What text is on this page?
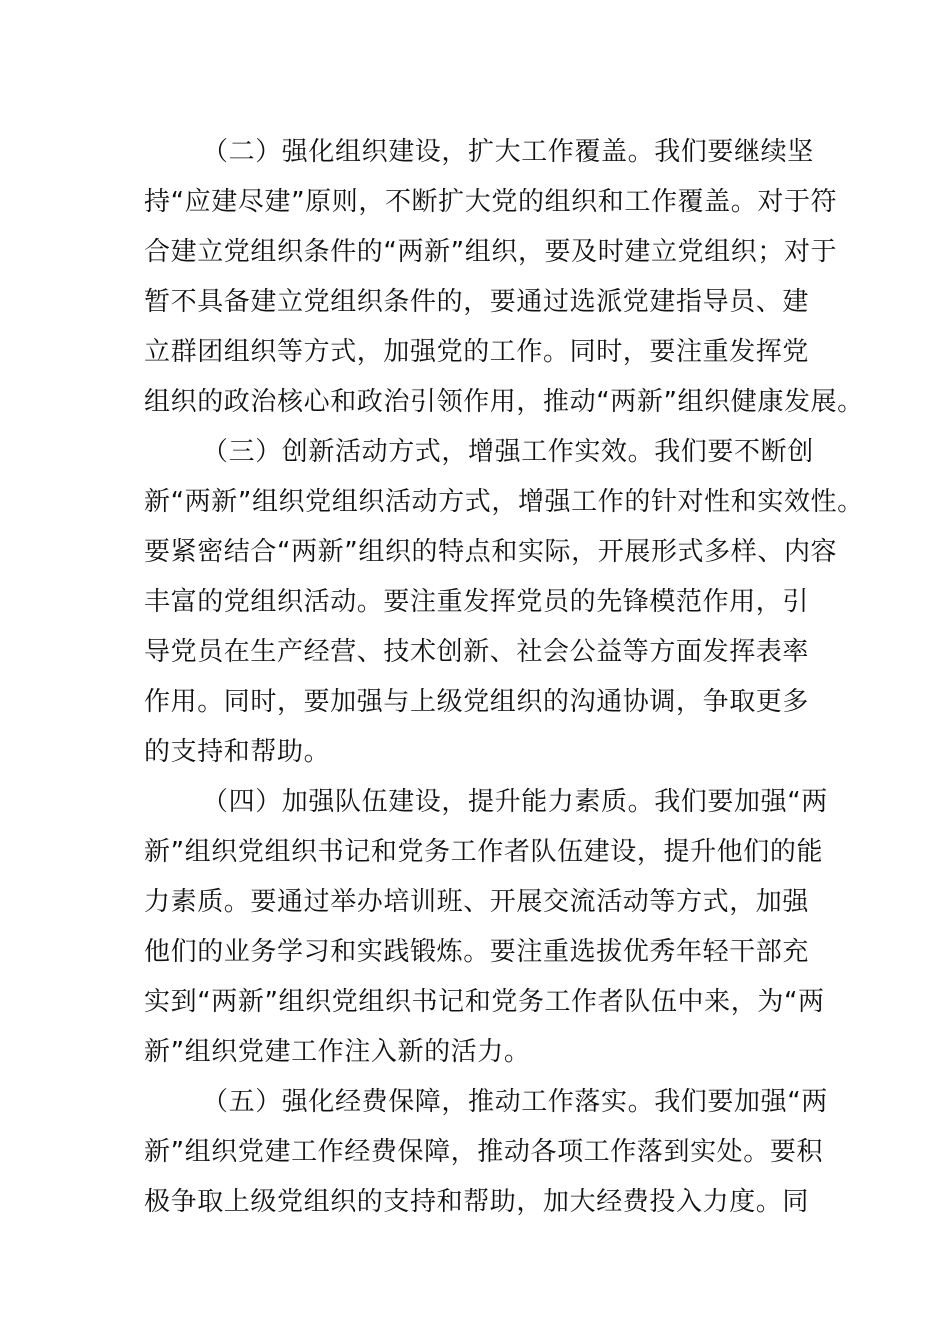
（二）强化组织建设，扩大工作覆盖。我们要继续坚
持“应建尽建”原则，不断扩大党的组织和工作覆盖。对于符
合建立党组织条件的“两新”组织，要及时建立党组织；对于
暂不具备建立党组织条件的，要通过选派党建指导员、建
立群团组织等方式，加强党的工作。同时，要注重发挥党
组织的政治核心和政治引领作用，推动“两新”组织健康发展。
（三）创新活动方式，增强工作实效。我们要不断创
新“两新”组织党组织活动方式，增强工作的针对性和实效性。
要紧密结合“两新”组织的特点和实际，开展形式多样、内容
丰富的党组织活动。要注重发挥党员的先锋模范作用，引
导党员在生产经营、技术创新、社会公益等方面发挥表率
作用。同时，要加强与上级党组织的沟通协调，争取更多
的支持和帮助。
（四）加强队伍建设，提升能力素质。我们要加强“两
新”组织党组织书记和党务工作者队伍建设，提升他们的能
力素质。要通过举办培训班、开展交流活动等方式，加强
他们的业务学习和实践锻炼。要注重选拔优秀年轻干部充
实到“两新”组织党组织书记和党务工作者队伍中来，为“两
新”组织党建工作注入新的活力。
（五）强化经费保障，推动工作落实。我们要加强“两
新”组织党建工作经费保障，推动各项工作落到实处。要积
极争取上级党组织的支持和帮助，加大经费投入力度。同
